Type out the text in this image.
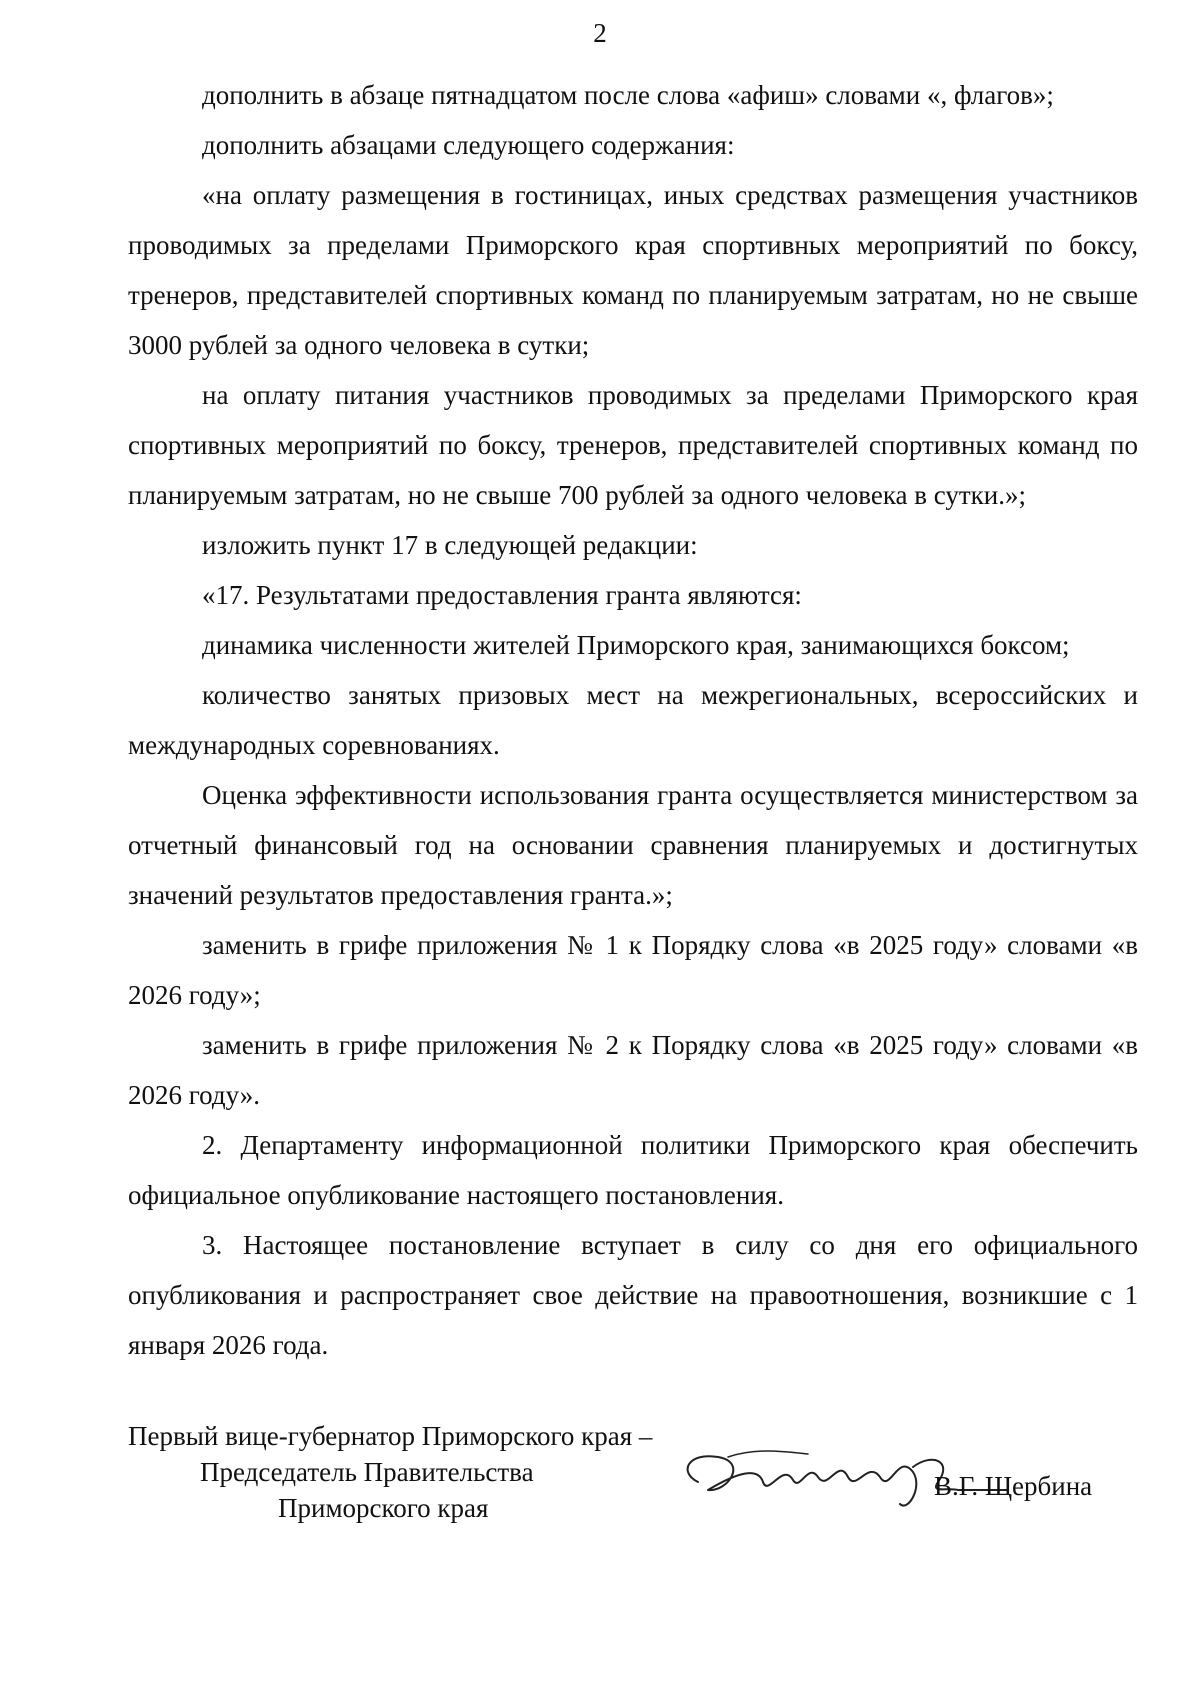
2

дополнить в абзаце пятнадцатом после слова «афиш» словами «, флагов»;

дополнить абзацами следующего содержания:

«на оплату размещения в гостиницах, иных средствах размещения участников проводимых за пределами Приморского края спортивных мероприятий по боксу, тренеров, представителей спортивных команд по планируемым затратам, но не свыше 3000 рублей за одного человека в сутки;

на оплату питания участников проводимых за пределами Приморского края спортивных мероприятий по боксу, тренеров, представителей спортивных команд по планируемым затратам, но не свыше 700 рублей за одного человека в сутки.»;

изложить пункт 17 в следующей редакции:

«17. Результатами предоставления гранта являются:

динамика численности жителей Приморского края, занимающихся боксом;

количество занятых призовых мест на межрегиональных, всероссийских и международных соревнованиях.

Оценка эффективности использования гранта осуществляется министерством за отчетный финансовый год на основании сравнения планируемых и достигнутых значений результатов предоставления гранта.»;

заменить в грифе приложения № 1 к Порядку слова «в 2025 году» словами «в 2026 году»;

заменить в грифе приложения № 2 к Порядку слова «в 2025 году» словами «в 2026 году».

2. Департаменту информационной политики Приморского края обеспечить официальное опубликование настоящего постановления.

3. Настоящее постановление вступает в силу со дня его официального опубликования и распространяет свое действие на правоотношения, возникшие с 1 января 2026 года.

Первый вице-губернатор Приморского края –
Председатель Правительства
Приморского края
В.Г. Щербина
